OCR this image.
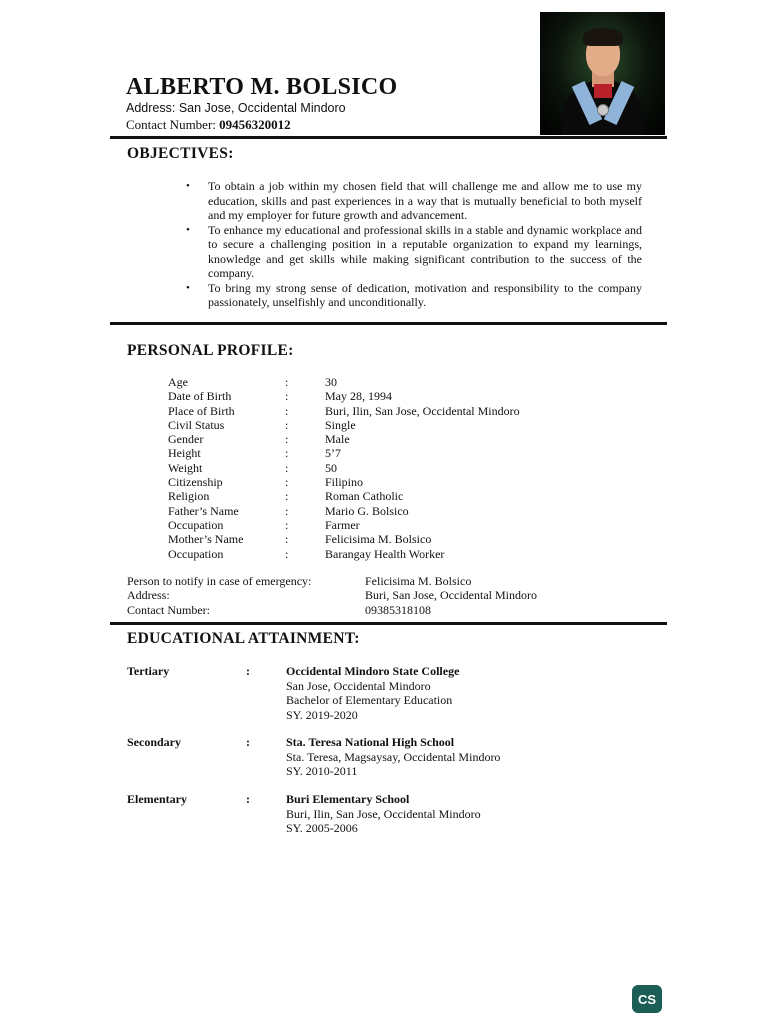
ALBERTO M. BOLSICO
Address: San Jose, Occidental Mindoro
Contact Number: 09456320012
OBJECTIVES:
• To obtain a job within my chosen field that will challenge me and allow me to use my education, skills and past experiences in a way that is mutually beneficial to both myself and my employer for future growth and advancement.
• To enhance my educational and professional skills in a stable and dynamic workplace and to secure a challenging position in a reputable organization to expand my learnings, knowledge and get skills while making significant contribution to the success of the company.
• To bring my strong sense of dedication, motivation and responsibility to the company passionately, unselfishly and unconditionally.
PERSONAL PROFILE:
Age	:	30
Date of Birth	:	May 28, 1994
Place of Birth	:	Buri, Ilin, San Jose, Occidental Mindoro
Civil Status	:	Single
Gender	:	Male
Height	:	5’7
Weight	:	50
Citizenship	:	Filipino
Religion	:	Roman Catholic
Father’s Name	:	Mario G. Bolsico
Occupation	:	Farmer
Mother’s Name	:	Felicisima M. Bolsico
Occupation	:	Barangay Health Worker
Person to notify in case of emergency:	Felicisima M. Bolsico
Address:	Buri, San Jose, Occidental Mindoro
Contact Number:	09385318108
EDUCATIONAL ATTAINMENT:
Tertiary	:	Occidental Mindoro State College
San Jose, Occidental Mindoro
Bachelor of Elementary Education
SY. 2019-2020
Secondary	:	Sta. Teresa National High School
Sta. Teresa, Magsaysay, Occidental Mindoro
SY. 2010-2011
Elementary	:	Buri Elementary School
Buri, Ilin, San Jose, Occidental Mindoro
SY. 2005-2006
CS
